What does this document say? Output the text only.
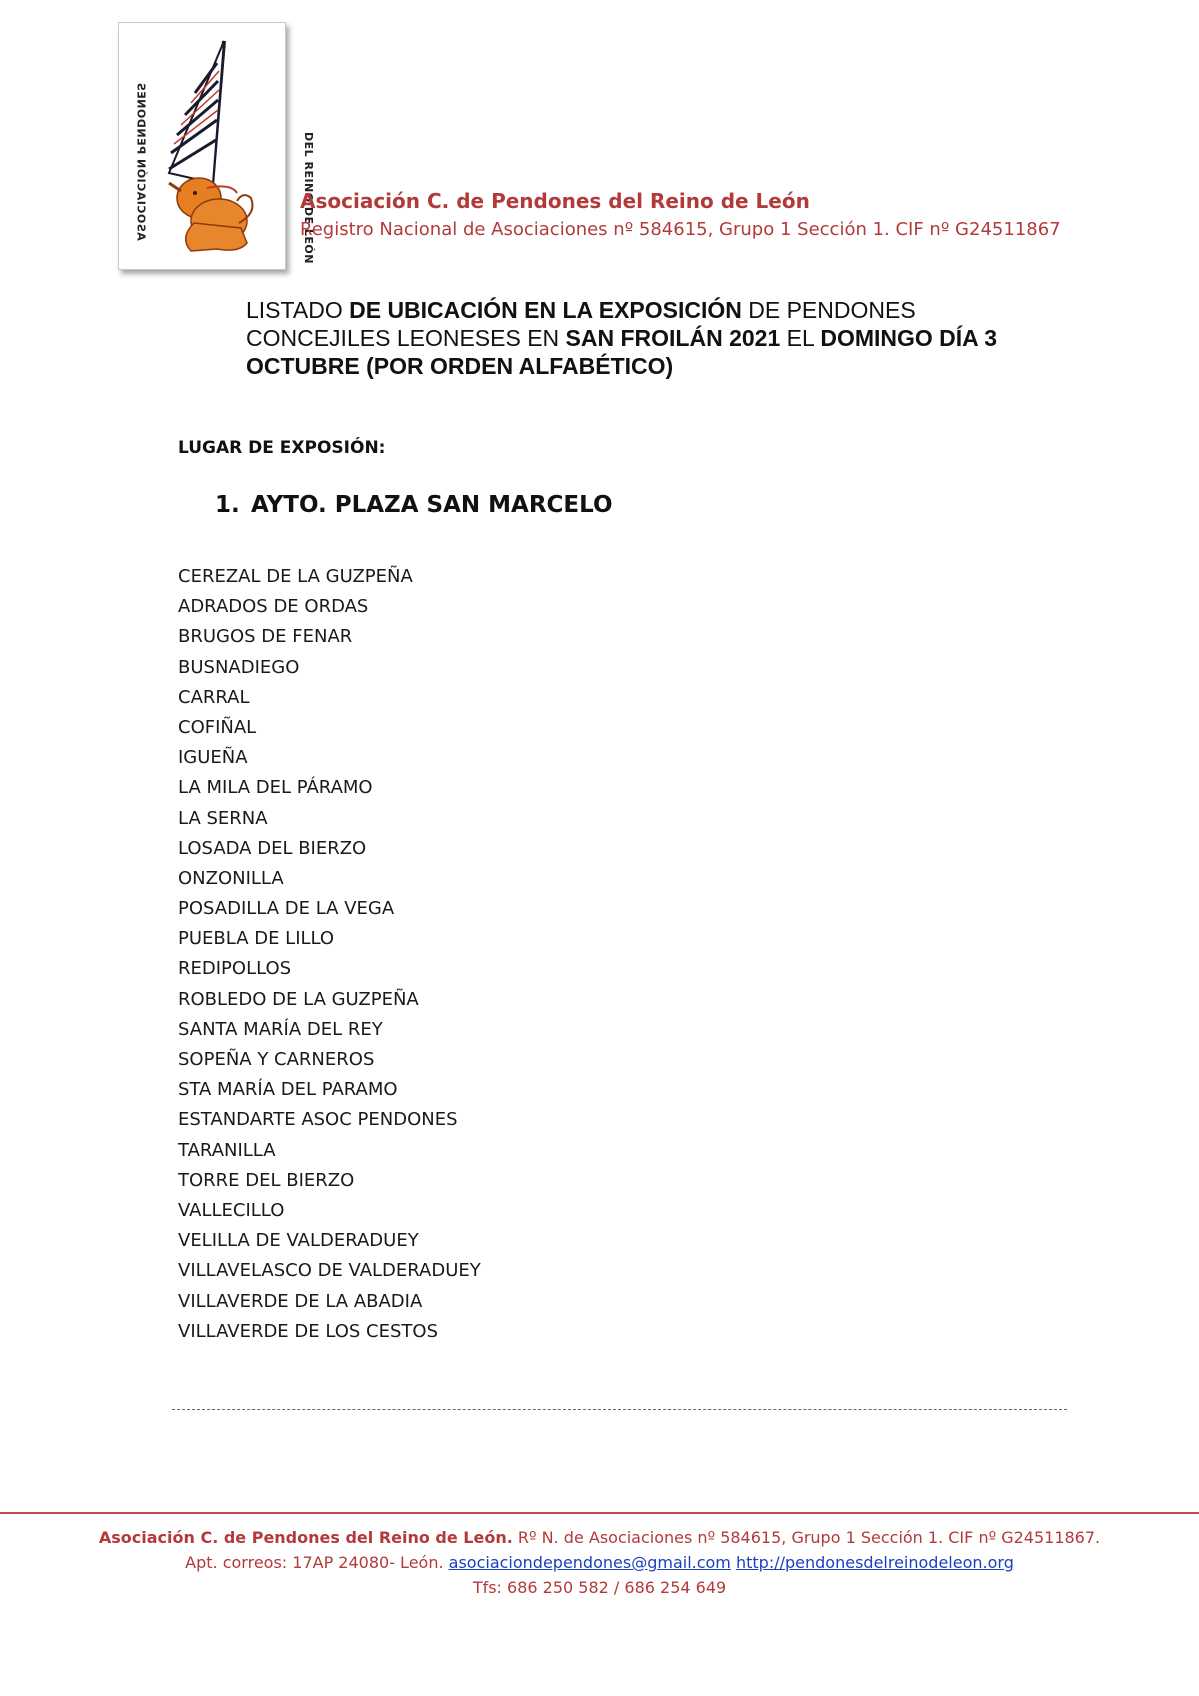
ASOCIACIÓN PENDONES	DEL REINO DE LEÓN
Asociación C. de Pendones del Reino de León
Registro Nacional de Asociaciones nº 584615, Grupo 1 Sección 1. CIF nº G24511867
LISTADO DE UBICACIÓN EN LA EXPOSICIÓN DE PENDONES CONCEJILES LEONESES EN SAN FROILÁN 2021 EL DOMINGO DÍA 3 OCTUBRE (POR ORDEN ALFABÉTICO)
LUGAR DE EXPOSIÓN:
1. AYTO. PLAZA SAN MARCELO
CEREZAL DE LA GUZPEÑA
ADRADOS DE ORDAS
BRUGOS DE FENAR
BUSNADIEGO
CARRAL
COFIÑAL
IGUEÑA
LA MILA DEL PÁRAMO
LA SERNA
LOSADA DEL BIERZO
ONZONILLA
POSADILLA DE LA VEGA
PUEBLA DE LILLO
REDIPOLLOS
ROBLEDO DE LA GUZPEÑA
SANTA MARÍA DEL REY
SOPEÑA Y CARNEROS
STA MARÍA DEL PARAMO
ESTANDARTE ASOC PENDONES
TARANILLA
TORRE DEL BIERZO
VALLECILLO
VELILLA DE VALDERADUEY
VILLAVELASCO DE VALDERADUEY
VILLAVERDE DE LA ABADIA
VILLAVERDE DE LOS CESTOS
Asociación C. de Pendones del Reino de León. Rº N. de Asociaciones nº 584615, Grupo 1 Sección 1. CIF nº G24511867.
Apt. correos: 17AP 24080- León. asociaciondependones@gmail.com http://pendonesdelreinodeleon.org
Tfs: 686 250 582 / 686 254 649
